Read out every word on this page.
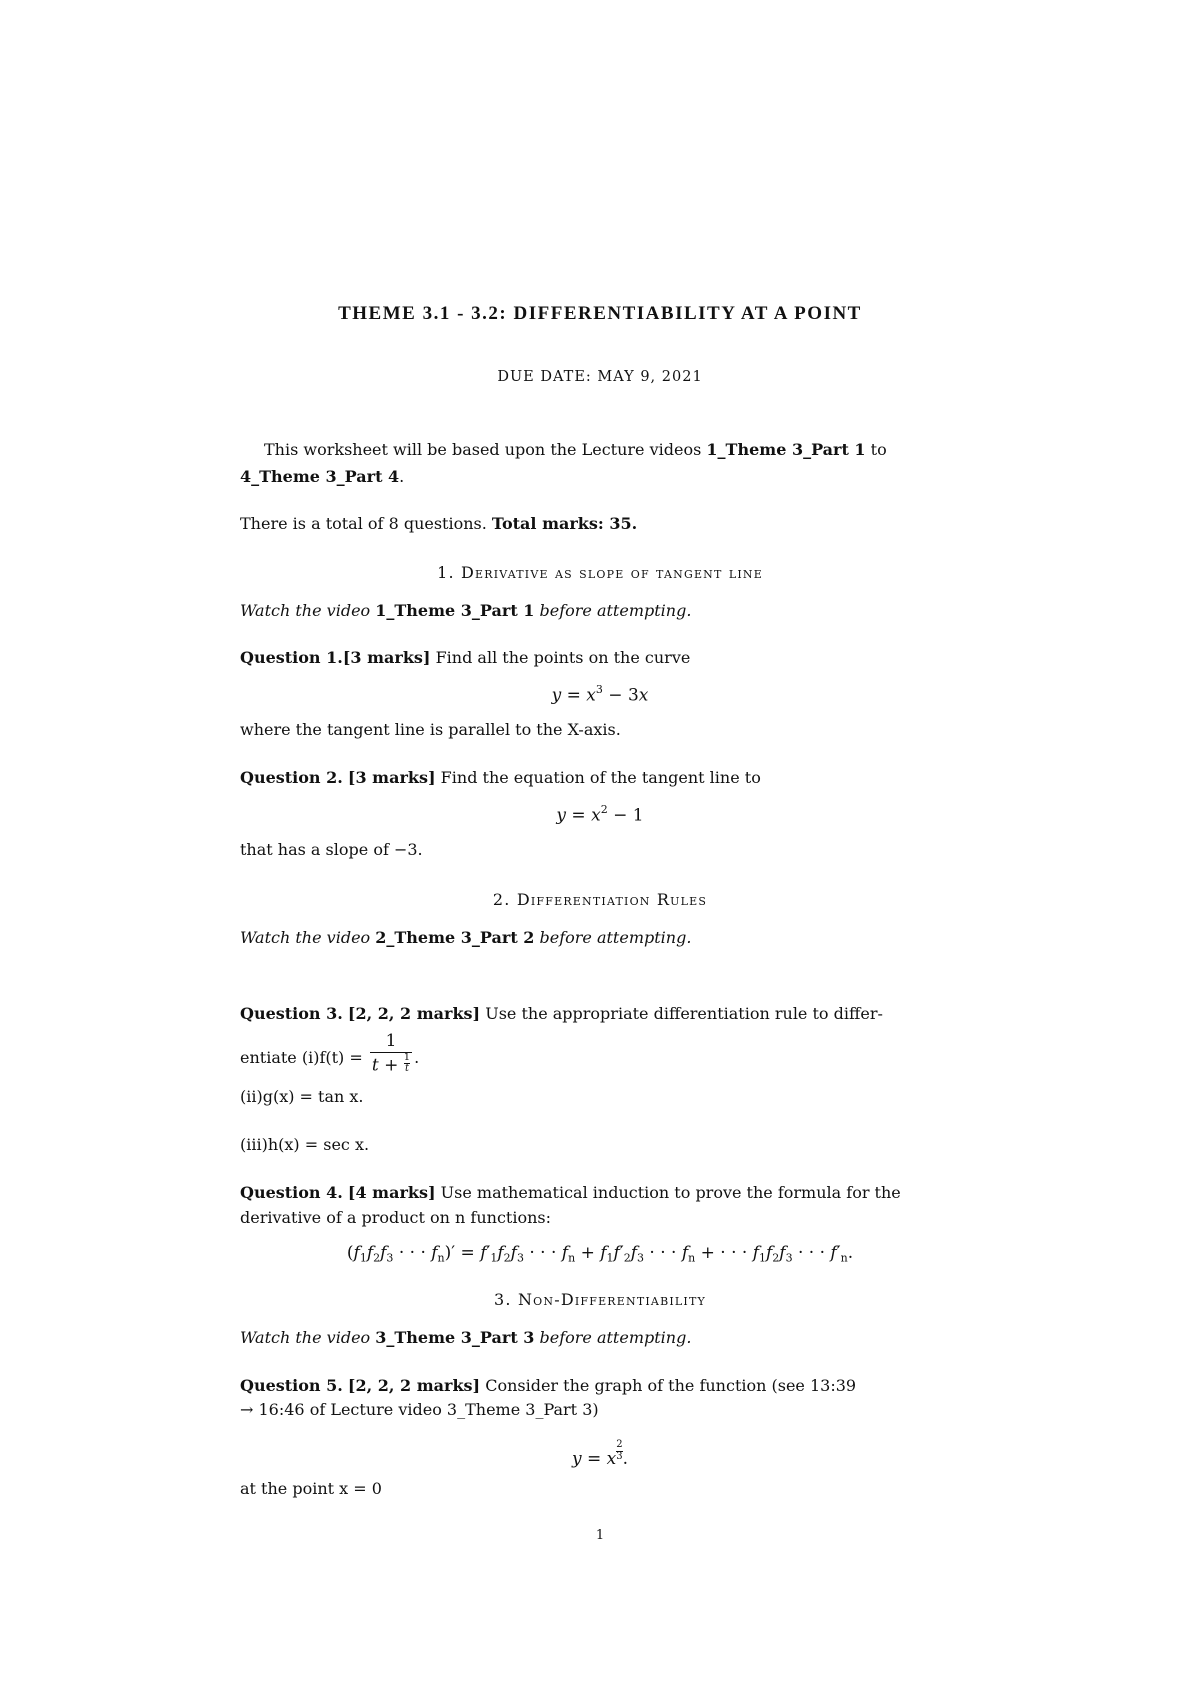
THEME 3.1 - 3.2: DIFFERENTIABILITY AT A POINT
DUE DATE: MAY 9, 2021
This worksheet will be based upon the Lecture videos 1_Theme 3_Part 1 to
4_Theme 3_Part 4.
There is a total of 8 questions. Total marks: 35.
1. Derivative as slope of tangent line
Watch the video 1_Theme 3_Part 1 before attempting.
Question 1.[3 marks] Find all the points on the curve
$y = x^3 - 3x$
where the tangent line is parallel to the X-axis.
Question 2. [3 marks] Find the equation of the tangent line to
$y = x^2 - 1$
that has a slope of −3.
2. Differentiation Rules
Watch the video 2_Theme 3_Part 2 before attempting.
Question 3. [2, 2, 2 marks] Use the appropriate differentiation rule to differ-
entiate $(i)f(t) = \frac{1}{t + \frac{1}{t}}$ .
(ii)g(x) = tan x.
(iii)h(x) = sec x.
Question 4. [4 marks] Use mathematical induction to prove the formula for the
derivative of a product on n functions:
($f_1f_2f_3$ · · · $f_n)' = f'_1f_2f_3$ · · · $f_n + f_1f'_2f_3$ · · · $f_n$ + · · · $f_1f_2f_3$ · · · $f'_n$.
3. Non-Differentiability
Watch the video 3_Theme 3_Part 3 before attempting.
Question 5. [2, 2, 2 marks] Consider the graph of the function (see 13:39
→ 16:46 of Lecture video 3_Theme 3_Part 3)
y = x $\frac{2}{3}$ .
at the point x = 0
1
